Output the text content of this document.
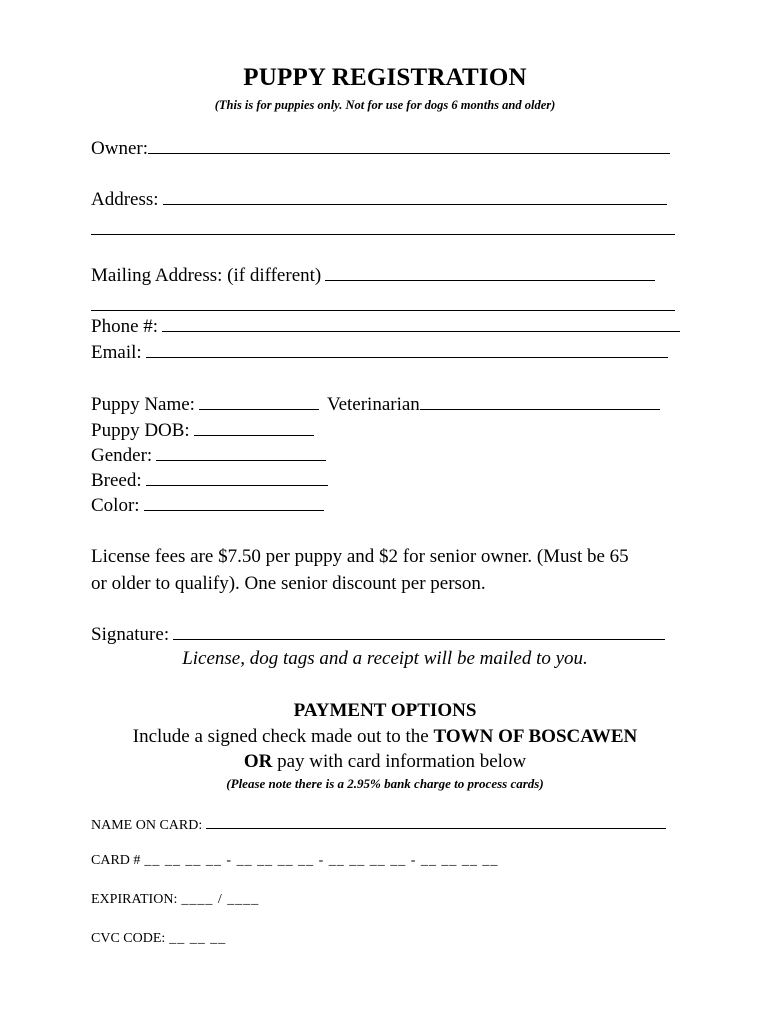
PUPPY REGISTRATION
(This is for puppies only. Not for use for dogs 6 months and older)
Owner:
Address:
Mailing Address: (if different)
Phone #:
Email:
Puppy Name:	Veterinarian
Puppy DOB:
Gender:
Breed:
Color:
License fees are $7.50 per puppy and $2 for senior owner. (Must be 65
or older to qualify). One senior discount per person.
Signature:
License, dog tags and a receipt will be mailed to you.
PAYMENT OPTIONS
Include a signed check made out to the TOWN OF BOSCAWEN
OR pay with card information below
(Please note there is a 2.95% bank charge to process cards)
NAME ON CARD:
CARD # __ __ __ __ - __ __ __ __ - __ __ __ __ - __ __ __ __
EXPIRATION: ____ / ____
CVC CODE: __ __ __
